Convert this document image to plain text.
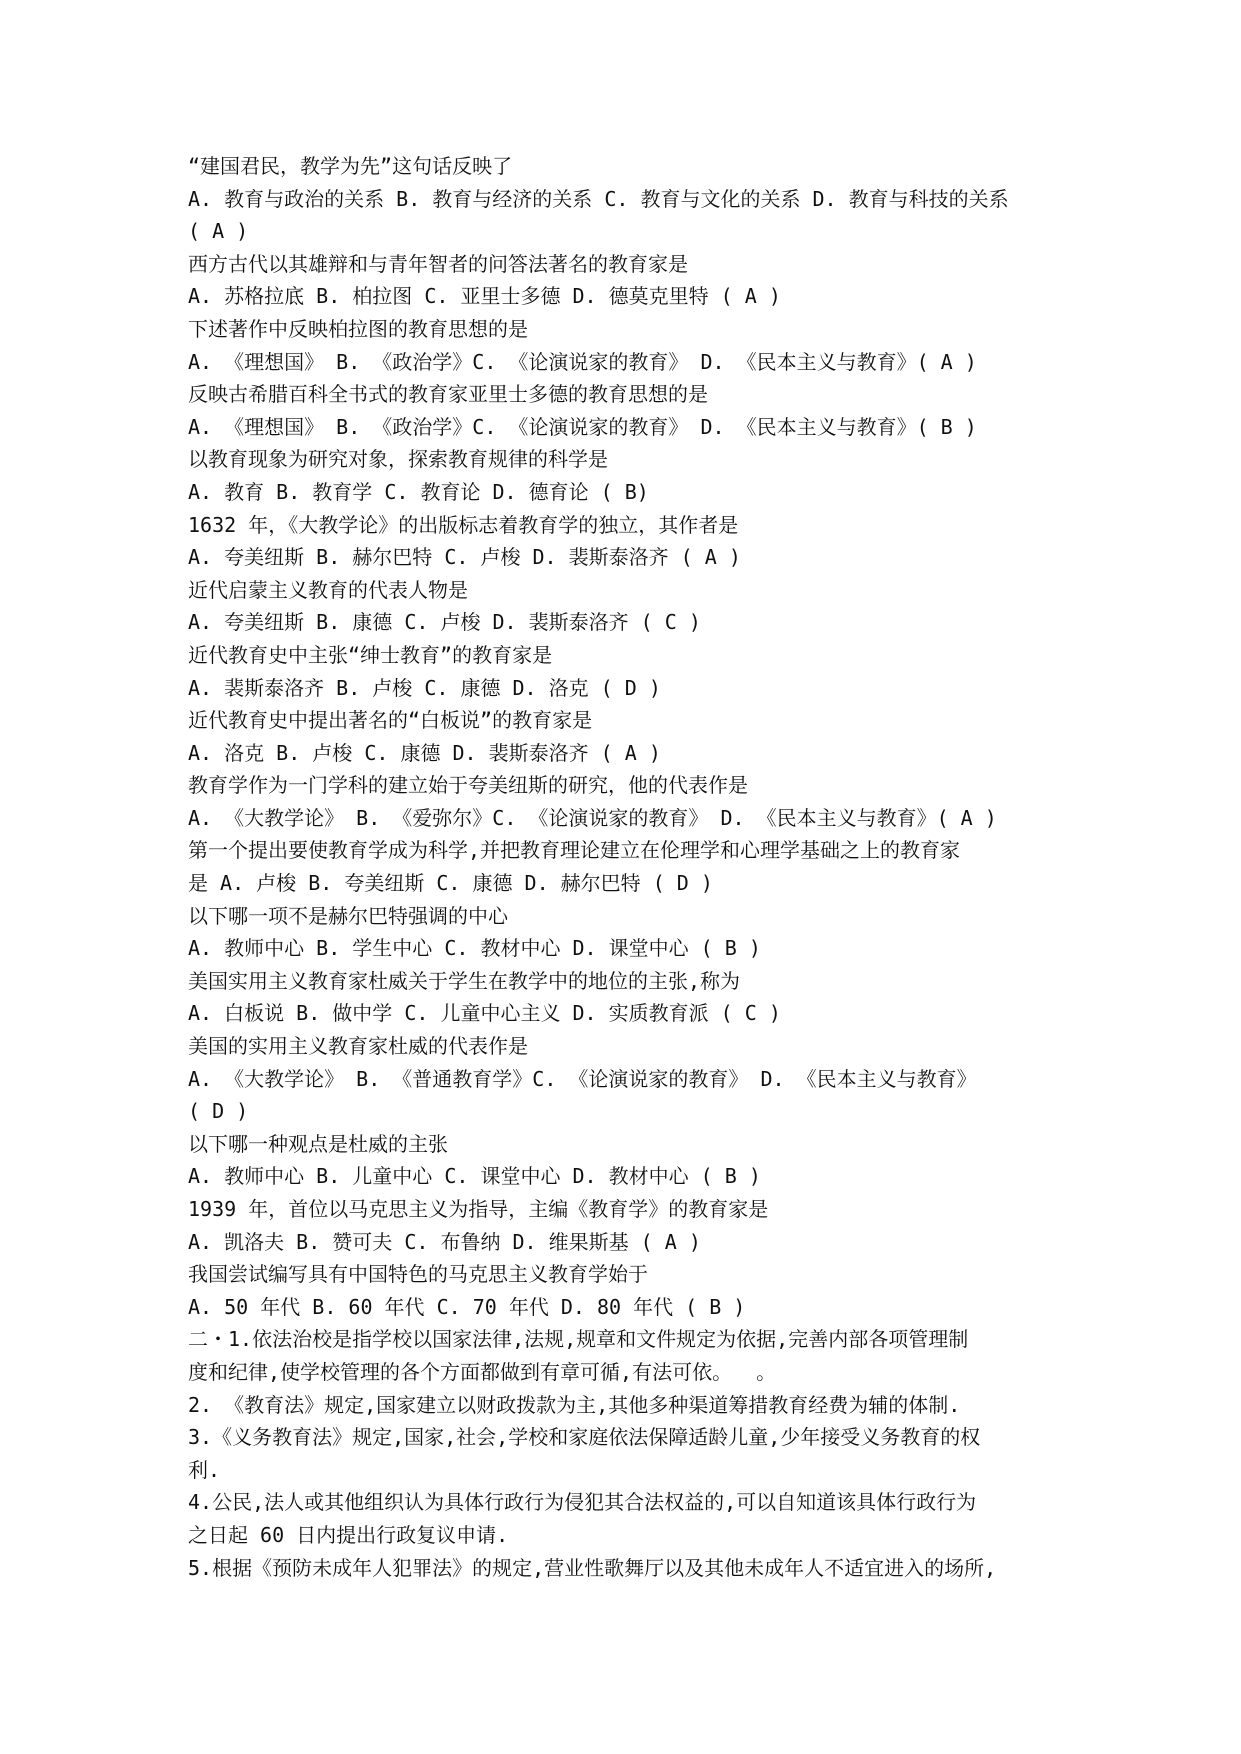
“建国君民，教学为先”这句话反映了

A. 教育与政治的关系 B. 教育与经济的关系 C. 教育与文化的关系 D. 教育与科技的关系

( A )

西方古代以其雄辩和与青年智者的问答法著名的教育家是

A. 苏格拉底 B. 柏拉图 C. 亚里士多德 D. 德莫克里特 ( A )

下述著作中反映柏拉图的教育思想的是

A. 《理想国》 B. 《政治学》C. 《论演说家的教育》 D. 《民本主义与教育》( A )

反映古希腊百科全书式的教育家亚里士多德的教育思想的是

A. 《理想国》 B. 《政治学》C. 《论演说家的教育》 D. 《民本主义与教育》( B )

以教育现象为研究对象，探索教育规律的科学是

A. 教育 B. 教育学 C. 教育论 D. 德育论 ( B)

1632 年，《大教学论》的出版标志着教育学的独立，其作者是

A. 夸美纽斯 B. 赫尔巴特 C. 卢梭 D. 裴斯泰洛齐 ( A )

近代启蒙主义教育的代表人物是

A. 夸美纽斯 B. 康德 C. 卢梭 D. 裴斯泰洛齐 ( C )

近代教育史中主张“绅士教育”的教育家是

A. 裴斯泰洛齐 B. 卢梭 C. 康德 D. 洛克 ( D )

近代教育史中提出著名的“白板说”的教育家是

A. 洛克 B. 卢梭 C. 康德 D. 裴斯泰洛齐 ( A )

教育学作为一门学科的建立始于夸美纽斯的研究，他的代表作是

A. 《大教学论》 B. 《爱弥尔》C. 《论演说家的教育》 D. 《民本主义与教育》( A )

第一个提出要使教育学成为科学,并把教育理论建立在伦理学和心理学基础之上的教育家

是 A. 卢梭 B. 夸美纽斯 C. 康德 D. 赫尔巴特 ( D )

以下哪一项不是赫尔巴特强调的中心

A. 教师中心 B. 学生中心 C. 教材中心 D. 课堂中心 ( B )

美国实用主义教育家杜威关于学生在教学中的地位的主张,称为

A. 白板说 B. 做中学 C. 儿童中心主义 D. 实质教育派 ( C )

美国的实用主义教育家杜威的代表作是

A. 《大教学论》 B. 《普通教育学》C. 《论演说家的教育》 D. 《民本主义与教育》

( D )

以下哪一种观点是杜威的主张

A. 教师中心 B. 儿童中心 C. 课堂中心 D. 教材中心 ( B )

1939 年，首位以马克思主义为指导，主编《教育学》的教育家是

A. 凯洛夫 B. 赞可夫 C. 布鲁纳 D. 维果斯基 ( A )

我国尝试编写具有中国特色的马克思主义教育学始于

A. 50 年代 B. 60 年代 C. 70 年代 D. 80 年代 ( B )

二・1.依法治校是指学校以国家法律,法规,规章和文件规定为依据,完善内部各项管理制

度和纪律,使学校管理的各个方面都做到有章可循,有法可依。  。

2. 《教育法》规定,国家建立以财政拨款为主,其他多种渠道筹措教育经费为辅的体制.

3.《义务教育法》规定,国家,社会,学校和家庭依法保障适龄儿童,少年接受义务教育的权

利.

4.公民,法人或其他组织认为具体行政行为侵犯其合法权益的,可以自知道该具体行政行为

之日起 60 日内提出行政复议申请.

5.根据《预防未成年人犯罪法》的规定,营业性歌舞厅以及其他未成年人不适宜进入的场所,
